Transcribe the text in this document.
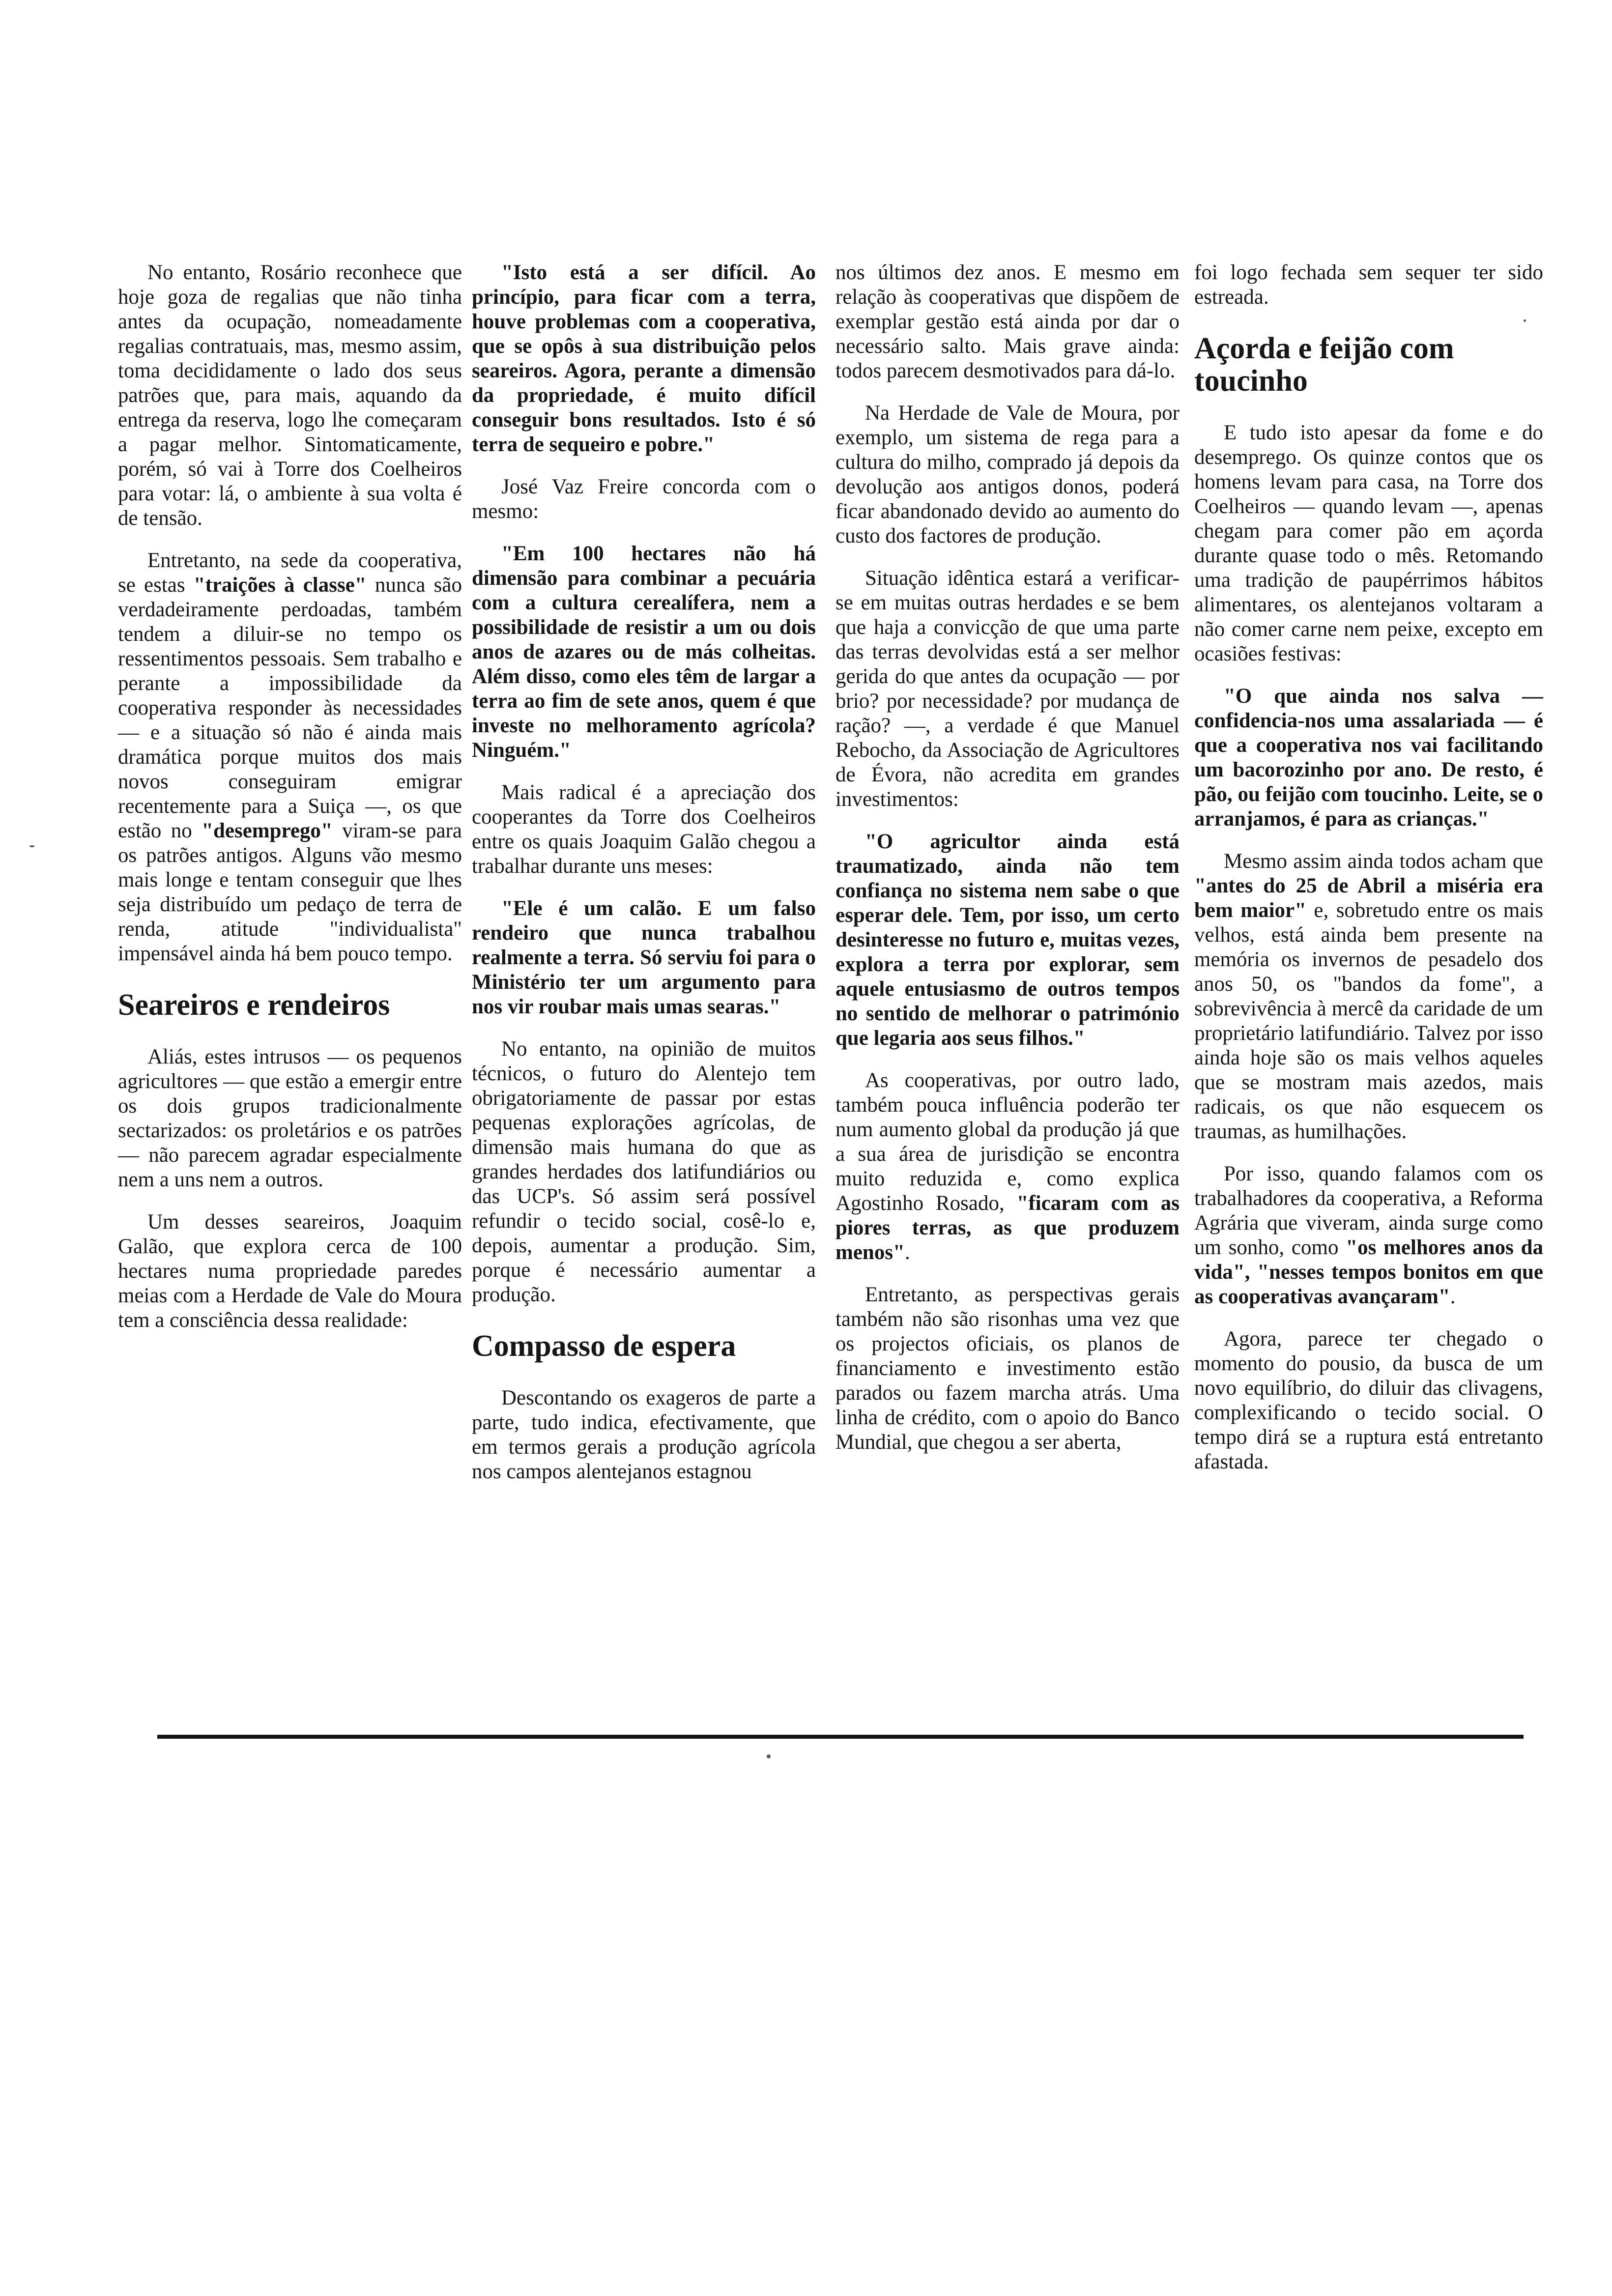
No entanto, Rosário reconhece que hoje goza de regalias que não tinha antes da ocupação, nomeadamente regalias contratuais, mas, mesmo assim, toma decididamente o lado dos seus patrões que, para mais, aquando da entrega da reserva, logo lhe começaram a pagar melhor. Sintomaticamente, porém, só vai à Torre dos Coelheiros para votar: lá, o ambiente à sua volta é de tensão.

Entretanto, na sede da cooperativa, se estas "traições à classe" nunca são verdadeiramente perdoadas, também tendem a diluir-se no tempo os ressentimentos pessoais. Sem trabalho e perante a impossibilidade da cooperativa responder às necessidades — e a situação só não é ainda mais dramática porque muitos dos mais novos conseguiram emigrar recentemente para a Suiça —, os que estão no "desemprego" viram-se para os patrões antigos. Alguns vão mesmo mais longe e tentam conseguir que lhes seja distribuído um pedaço de terra de renda, atitude "individualista" impensável ainda há bem pouco tempo.

Seareiros e rendeiros

Aliás, estes intrusos — os pequenos agricultores — que estão a emergir entre os dois grupos tradicionalmente sectarizados: os proletários e os patrões — não parecem agradar especialmente nem a uns nem a outros.

Um desses seareiros, Joaquim Galão, que explora cerca de 100 hectares numa propriedade paredes meias com a Herdade de Vale do Moura tem a consciência dessa realidade:

"Isto está a ser difícil. Ao princípio, para ficar com a terra, houve problemas com a cooperativa, que se opôs à sua distribuição pelos seareiros. Agora, perante a dimensão da propriedade, é muito difícil conseguir bons resultados. Isto é só terra de sequeiro e pobre."

José Vaz Freire concorda com o mesmo:

"Em 100 hectares não há dimensão para combinar a pecuária com a cultura cerealífera, nem a possibilidade de resistir a um ou dois anos de azares ou de más colheitas. Além disso, como eles têm de largar a terra ao fim de sete anos, quem é que investe no melhoramento agrícola? Ninguém."

Mais radical é a apreciação dos cooperantes da Torre dos Coelheiros entre os quais Joaquim Galão chegou a trabalhar durante uns meses:

"Ele é um calão. E um falso rendeiro que nunca trabalhou realmente a terra. Só serviu foi para o Ministério ter um argumento para nos vir roubar mais umas searas."

No entanto, na opinião de muitos técnicos, o futuro do Alentejo tem obrigatoriamente de passar por estas pequenas explorações agrícolas, de dimensão mais humana do que as grandes herdades dos latifundiários ou das UCP's. Só assim será possível refundir o tecido social, cosê-lo e, depois, aumentar a produção. Sim, porque é necessário aumentar a produção.

Compasso de espera

Descontando os exageros de parte a parte, tudo indica, efectivamente, que em termos gerais a produção agrícola nos campos alentejanos estagnou

nos últimos dez anos. E mesmo em relação às cooperativas que dispõem de exemplar gestão está ainda por dar o necessário salto. Mais grave ainda: todos parecem desmotivados para dá-lo.

Na Herdade de Vale de Moura, por exemplo, um sistema de rega para a cultura do milho, comprado já depois da devolução aos antigos donos, poderá ficar abandonado devido ao aumento do custo dos factores de produção.

Situação idêntica estará a verificar-se em muitas outras herdades e se bem que haja a convicção de que uma parte das terras devolvidas está a ser melhor gerida do que antes da ocupação — por brio? por necessidade? por mudança de ração? —, a verdade é que Manuel Rebocho, da Associação de Agricultores de Évora, não acredita em grandes investimentos:

"O agricultor ainda está traumatizado, ainda não tem confiança no sistema nem sabe o que esperar dele. Tem, por isso, um certo desinteresse no futuro e, muitas vezes, explora a terra por explorar, sem aquele entusiasmo de outros tempos no sentido de melhorar o património que legaria aos seus filhos."

As cooperativas, por outro lado, também pouca influência poderão ter num aumento global da produção já que a sua área de jurisdição se encontra muito reduzida e, como explica Agostinho Rosado, "ficaram com as piores terras, as que produzem menos".

Entretanto, as perspectivas gerais também não são risonhas uma vez que os projectos oficiais, os planos de financiamento e investimento estão parados ou fazem marcha atrás. Uma linha de crédito, com o apoio do Banco Mundial, que chegou a ser aberta,

foi logo fechada sem sequer ter sido estreada.

Açorda e feijão com toucinho

E tudo isto apesar da fome e do desemprego. Os quinze contos que os homens levam para casa, na Torre dos Coelheiros — quando levam —, apenas chegam para comer pão em açorda durante quase todo o mês. Retomando uma tradição de paupérrimos hábitos alimentares, os alentejanos voltaram a não comer carne nem peixe, excepto em ocasiões festivas:

"O que ainda nos salva — confidencia-nos uma assalariada — é que a cooperativa nos vai facilitando um bacorozinho por ano. De resto, é pão, ou feijão com toucinho. Leite, se o arranjamos, é para as crianças."

Mesmo assim ainda todos acham que "antes do 25 de Abril a miséria era bem maior" e, sobretudo entre os mais velhos, está ainda bem presente na memória os invernos de pesadelo dos anos 50, os "bandos da fome", a sobrevivência à mercê da caridade de um proprietário latifundiário. Talvez por isso ainda hoje são os mais velhos aqueles que se mostram mais azedos, mais radicais, os que não esquecem os traumas, as humilhações.

Por isso, quando falamos com os trabalhadores da cooperativa, a Reforma Agrária que viveram, ainda surge como um sonho, como "os melhores anos da vida", "nesses tempos bonitos em que as cooperativas avançaram".

Agora, parece ter chegado o momento do pousio, da busca de um novo equilíbrio, do diluir das clivagens, complexificando o tecido social. O tempo dirá se a ruptura está entretanto afastada.
